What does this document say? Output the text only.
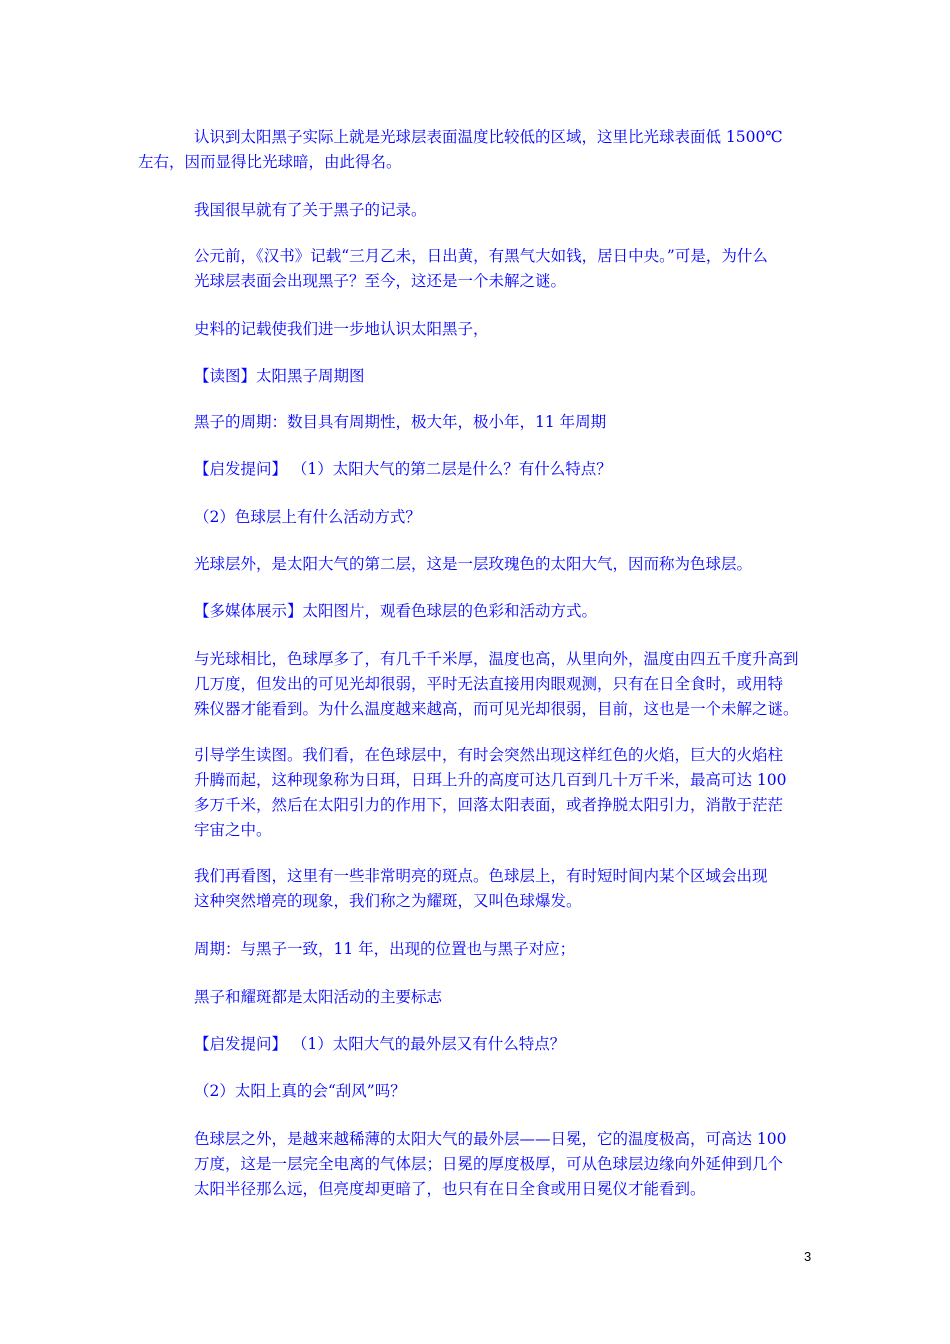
认识到太阳黑子实际上就是光球层表面温度比较低的区域，这里比光球表面低 1500℃
左右，因而显得比光球暗，由此得名。

我国很早就有了关于黑子的记录。

公元前，《汉书》记载“三月乙未，日出黄，有黑气大如钱，居日中央。”可是，为什么
光球层表面会出现黑子？至今，这还是一个未解之谜。

史料的记载使我们进一步地认识太阳黑子，

【读图】太阳黑子周期图

黑子的周期：数目具有周期性，极大年，极小年，11 年周期

【启发提问】 （1）太阳大气的第二层是什么？有什么特点？

（2）色球层上有什么活动方式？

光球层外，是太阳大气的第二层，这是一层玫瑰色的太阳大气，因而称为色球层。

【多媒体展示】太阳图片，观看色球层的色彩和活动方式。

与光球相比，色球厚多了，有几千千米厚，温度也高，从里向外，温度由四五千度升高到
几万度，但发出的可见光却很弱，平时无法直接用肉眼观测，只有在日全食时，或用特
殊仪器才能看到。为什么温度越来越高，而可见光却很弱，目前，这也是一个未解之谜。

引导学生读图。我们看，在色球层中，有时会突然出现这样红色的火焰，巨大的火焰柱
升腾而起，这种现象称为日珥，日珥上升的高度可达几百到几十万千米，最高可达 100
多万千米，然后在太阳引力的作用下，回落太阳表面，或者挣脱太阳引力，消散于茫茫
宇宙之中。

我们再看图，这里有一些非常明亮的斑点。色球层上，有时短时间内某个区域会出现
这种突然增亮的现象，我们称之为耀斑，又叫色球爆发。

周期：与黑子一致，11 年，出现的位置也与黑子对应；

黑子和耀斑都是太阳活动的主要标志

【启发提问】 （1）太阳大气的最外层又有什么特点？

（2）太阳上真的会“刮风”吗？

色球层之外，是越来越稀薄的太阳大气的最外层——日冕，它的温度极高，可高达 100
万度，这是一层完全电离的气体层；日冕的厚度极厚，可从色球层边缘向外延伸到几个
太阳半径那么远，但亮度却更暗了，也只有在日全食或用日冕仪才能看到。

3
